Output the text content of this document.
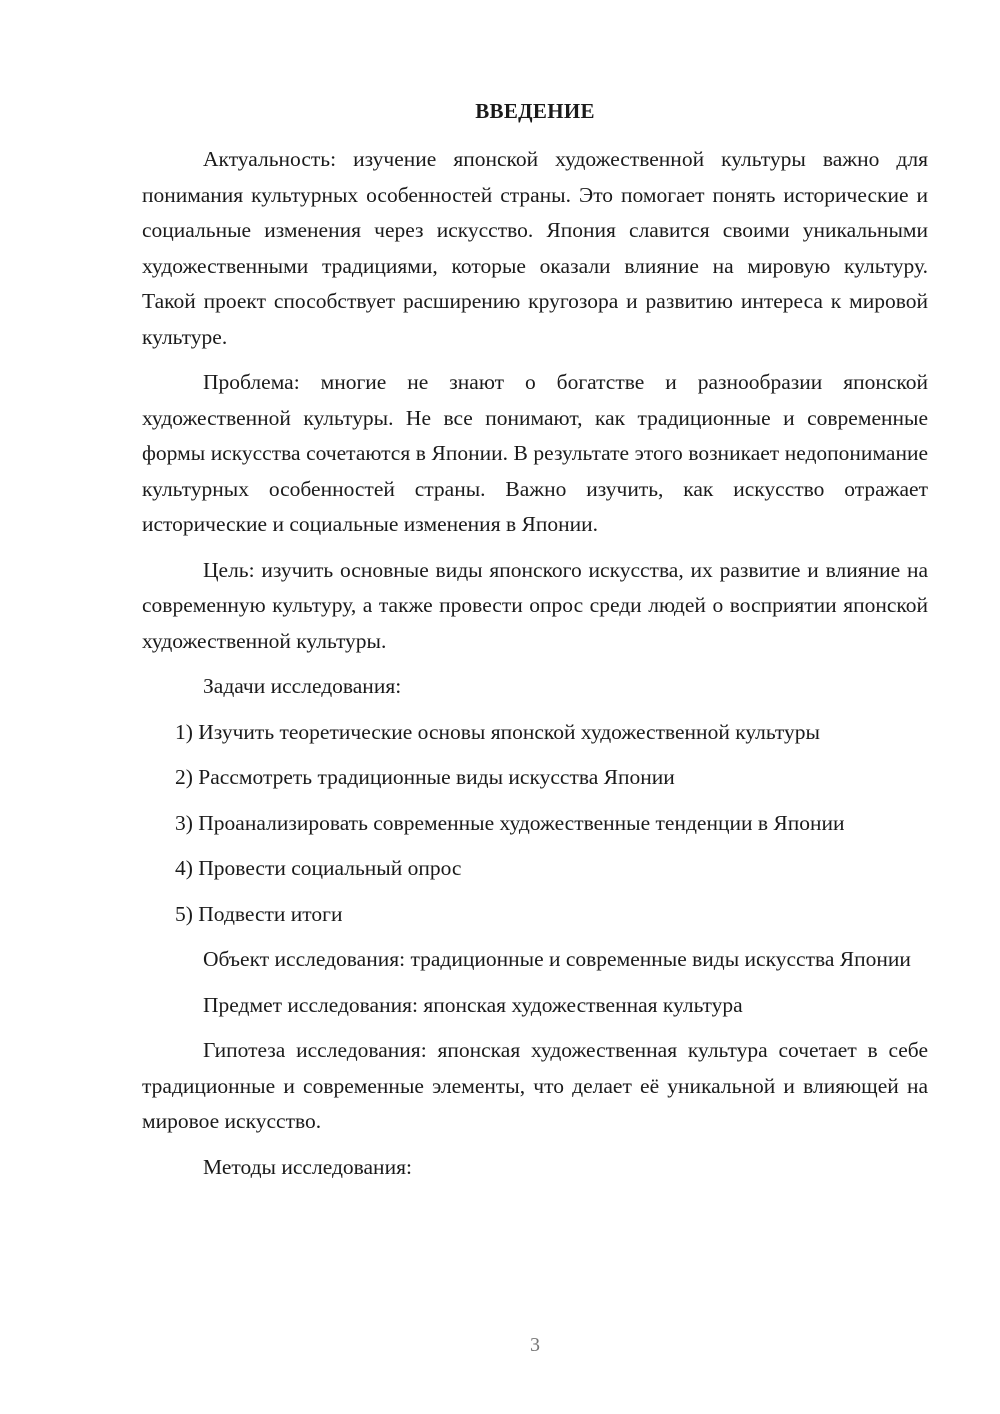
ВВЕДЕНИЕ

Актуальность: изучение японской художественной культуры важно для понимания культурных особенностей страны. Это помогает понять исторические и социальные изменения через искусство. Япония славится своими уникальными художественными традициями, которые оказали влияние на мировую культуру. Такой проект способствует расширению кругозора и развитию интереса к мировой культуре.

Проблема: многие не знают о богатстве и разнообразии японской художественной культуры. Не все понимают, как традиционные и современные формы искусства сочетаются в Японии. В результате этого возникает недопонимание культурных особенностей страны. Важно изучить, как искусство отражает исторические и социальные изменения в Японии.

Цель: изучить основные виды японского искусства, их развитие и влияние на современную культуру, а также провести опрос среди людей о восприятии японской художественной культуры.

Задачи исследования:

1) Изучить теоретические основы японской художественной культуры

2) Рассмотреть традиционные виды искусства Японии

3) Проанализировать современные художественные тенденции в Японии

4) Провести социальный опрос

5) Подвести итоги

Объект исследования: традиционные и современные виды искусства Японии

Предмет исследования: японская художественная культура

Гипотеза исследования: японская художественная культура сочетает в себе традиционные и современные элементы, что делает её уникальной и влияющей на мировое искусство.

Методы исследования:

3
